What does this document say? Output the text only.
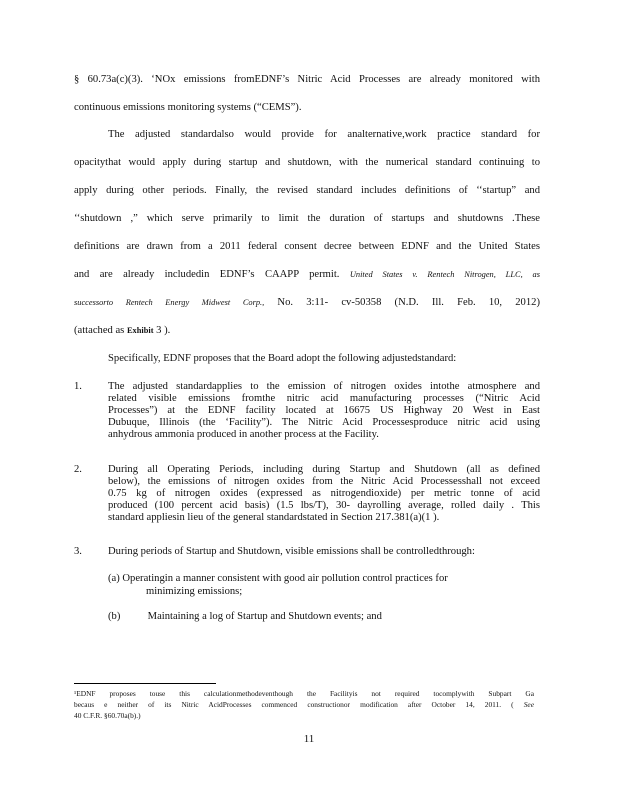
§ 60.73a(c)(3). ‘NOx emissions fromEDNF’s Nitric Acid Processes are already monitored with
continuous emissions monitoring systems (“CEMS”).
The adjusted standardalso would provide for analternative,work practice standard for
opacitythat would apply during startup and shutdown, with the numerical standard continuing to
apply during other periods. Finally, the revised standard includes definitions of ‘‘startup” and
‘‘shutdown ,” which serve primarily to limit the duration of startups and shutdowns .These
definitions are drawn from a 2011 federal consent decree between EDNF and the United States
and are already includedin EDNF’s CAAPP permit. United States v. Rentech Nitrogen, LLC, as
successorto Rentech Energy Midwest Corp., No. 3:11- cv-50358 (N.D. Ill. Feb. 10, 2012)
(attached as Exhibit 3 ).
Specifically, EDNF proposes that the Board adopt the following adjustedstandard:
1. The adjusted standardapplies to the emission of nitrogen oxides intothe atmosphere and
related visible emissions fromthe nitric acid manufacturing processes (“Nitric Acid
Processes”) at the EDNF facility located at 16675 US Highway 20 West in East
Dubuque, Illinois (the ‘Facility”). The Nitric Acid Processesproduce nitric acid using
anhydrous ammonia produced in another process at the Facility.
2. During all Operating Periods, including during Startup and Shutdown (all as defined
below), the emissions of nitrogen oxides from the Nitric Acid Processesshall not exceed
0.75 kg of nitrogen oxides (expressed as nitrogendioxide) per metric tonne of acid
produced (100 percent acid basis) (1.5 lbs/T), 30- dayrolling average, rolled daily . This
standard appliesin lieu of the general standardstated in Section 217.381(a)(1 ).
3. During periods of Startup and Shutdown, visible emissions shall be controlledthrough:
(a) Operatingin a manner consistent with good air pollution control practices for
minimizing emissions;
(b)	Maintaining a log of Startup and Shutdown events; and
¹EDNF proposes touse this calculationmethodeventhough the Facilityis not required tocomplywith Subpart Ga
becaus e neither of its Nitric AcidProcesses commenced constructionor modification after October 14, 2011. ( See
40 C.F.R. §60.70a(b).)
11
